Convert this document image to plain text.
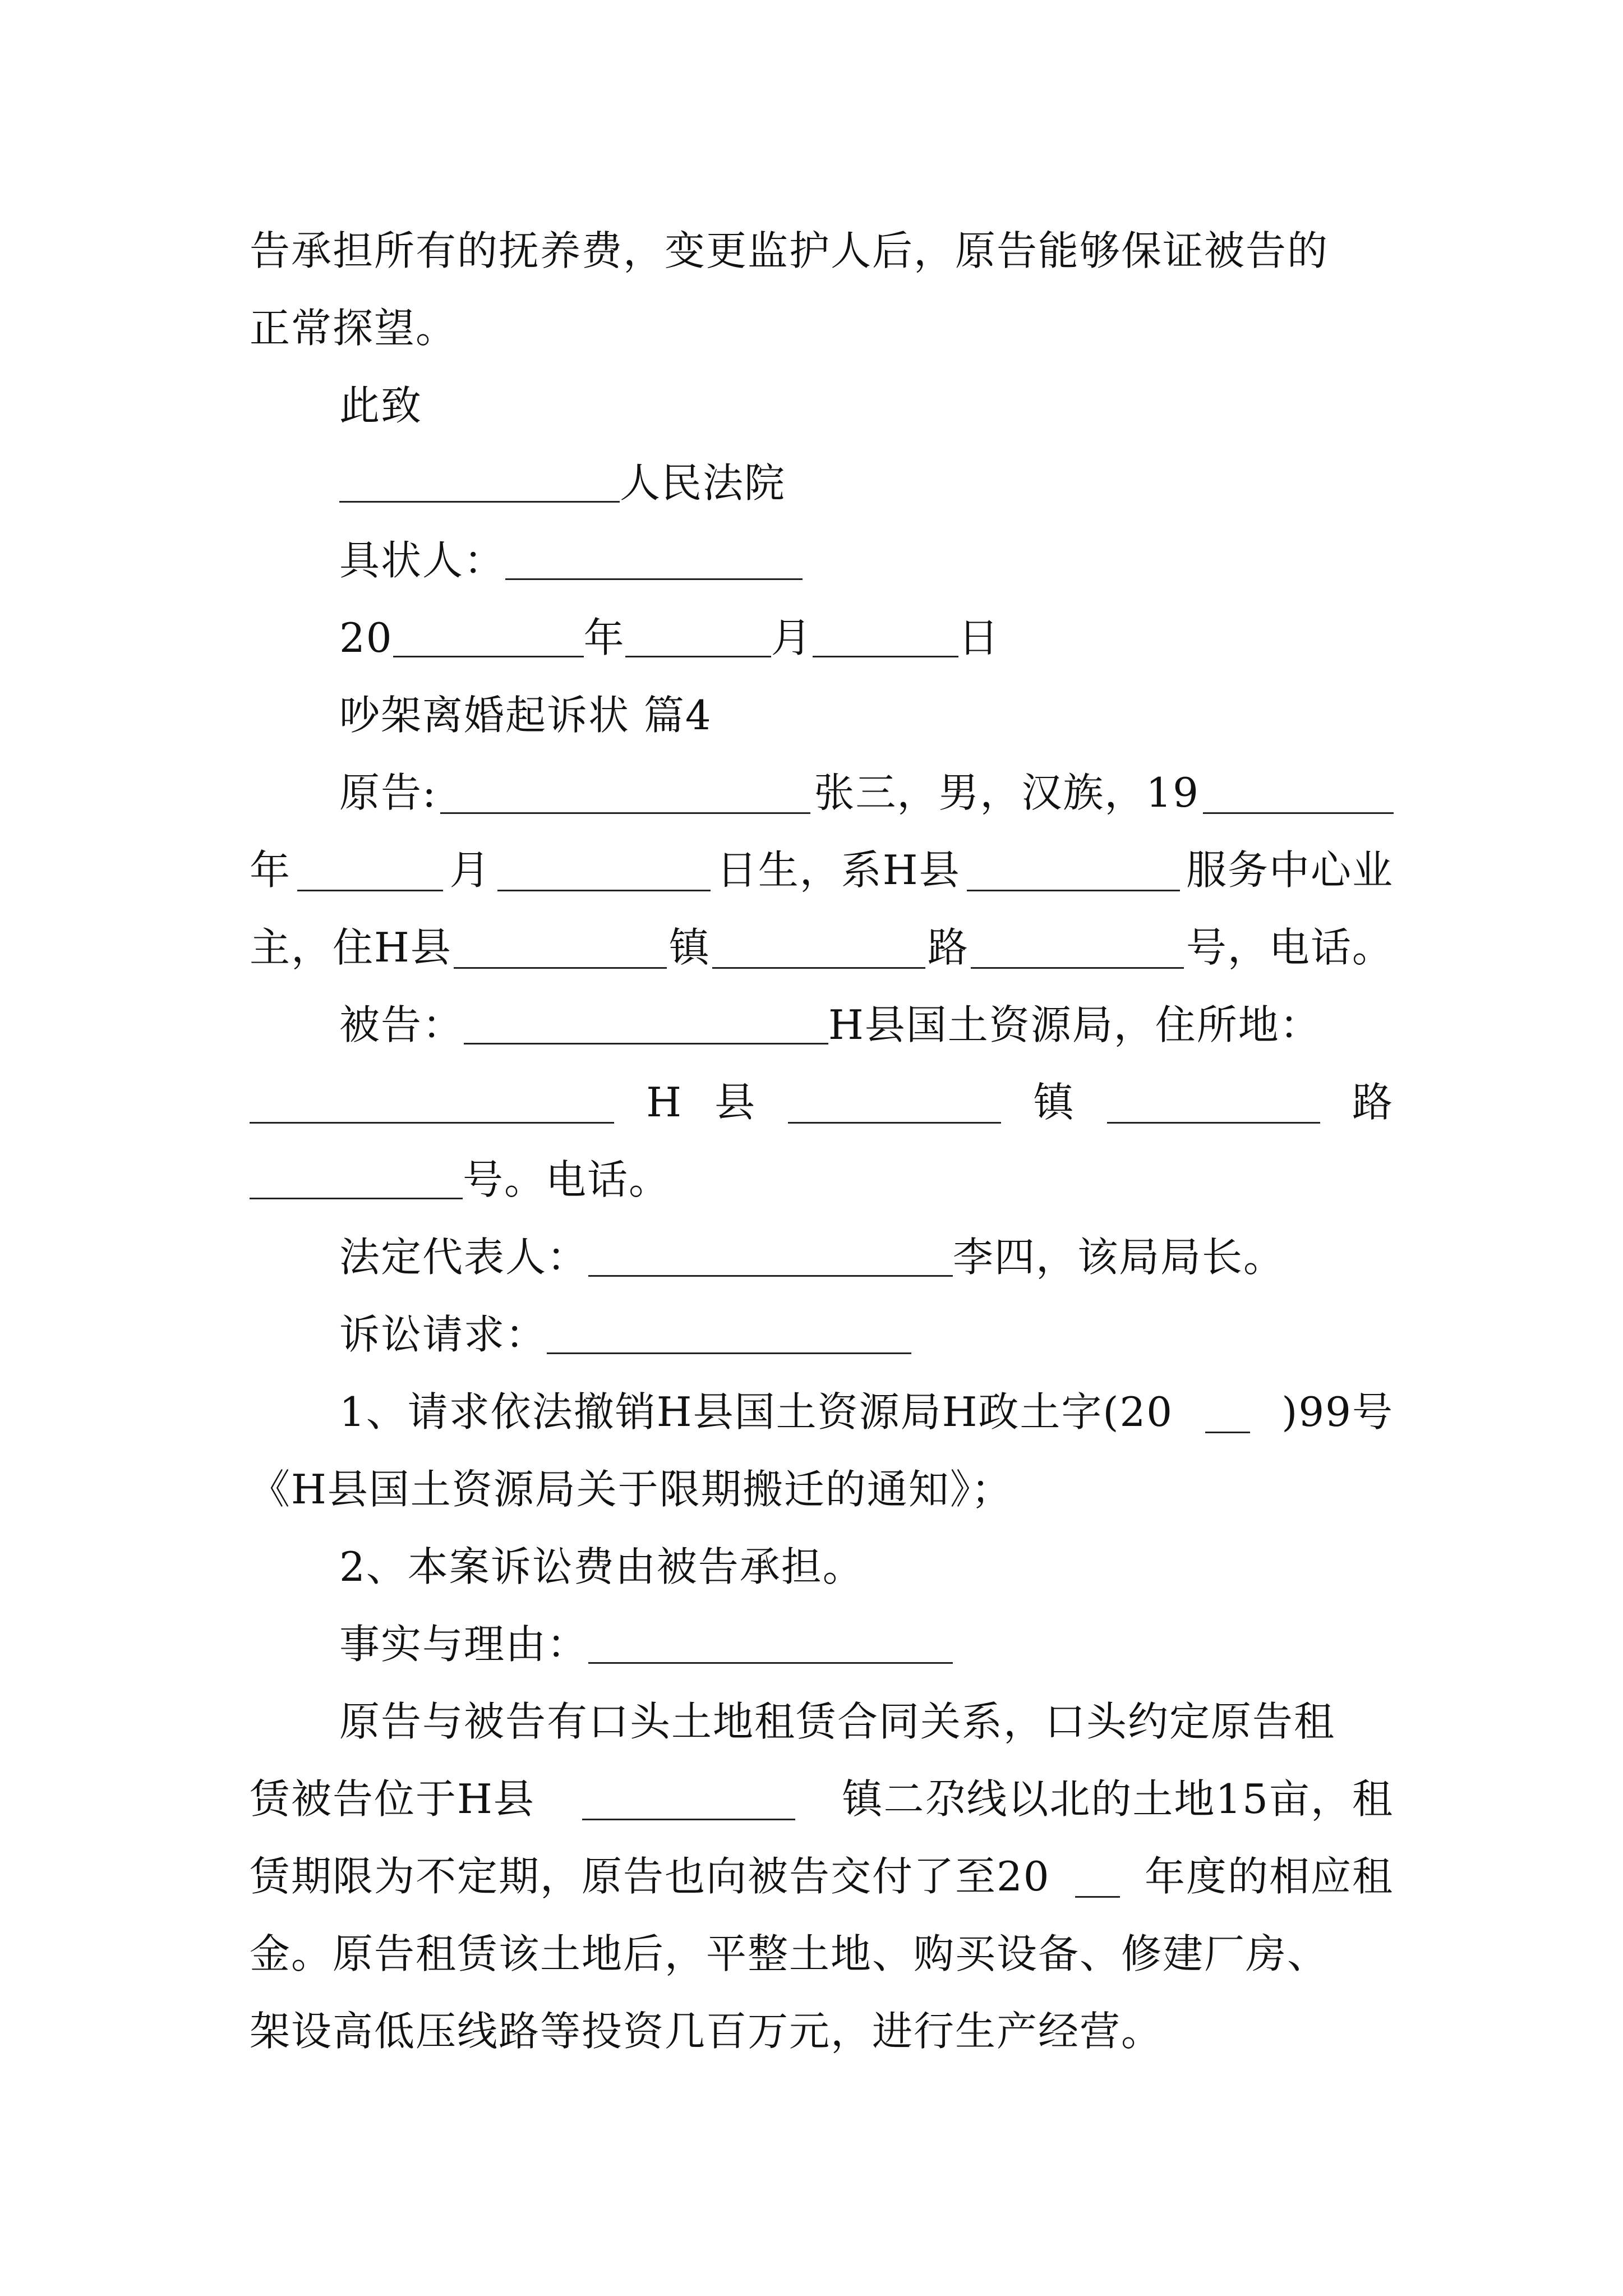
告承担所有的抚养费，变更监护人后，原告能够保证被告的
正常探望。
此致
人民法院
具状人：
20	年	月	日
吵架离婚起诉状 篇4
原告:	张三，男，汉族，19
年	月	日生，系H县	服务中心业
主，住H县	镇	路	号，电话。
被告：	H县国土资源局，住所地：
H 县	镇	路
号。电话。
法定代表人：	李四，该局局长。
诉讼请求：
1、请求依法撤销H县国土资源局H政土字(20	)99号
《H县国土资源局关于限期搬迁的通知》；
2、本案诉讼费由被告承担。
事实与理由：
原告与被告有口头土地租赁合同关系，口头约定原告租
赁被告位于H县	镇二尕线以北的土地15亩，租
赁期限为不定期，原告也向被告交付了至20 年度的相应租
金。原告租赁该土地后，平整土地、购买设备、修建厂房、
架设高低压线路等投资几百万元，进行生产经营。
